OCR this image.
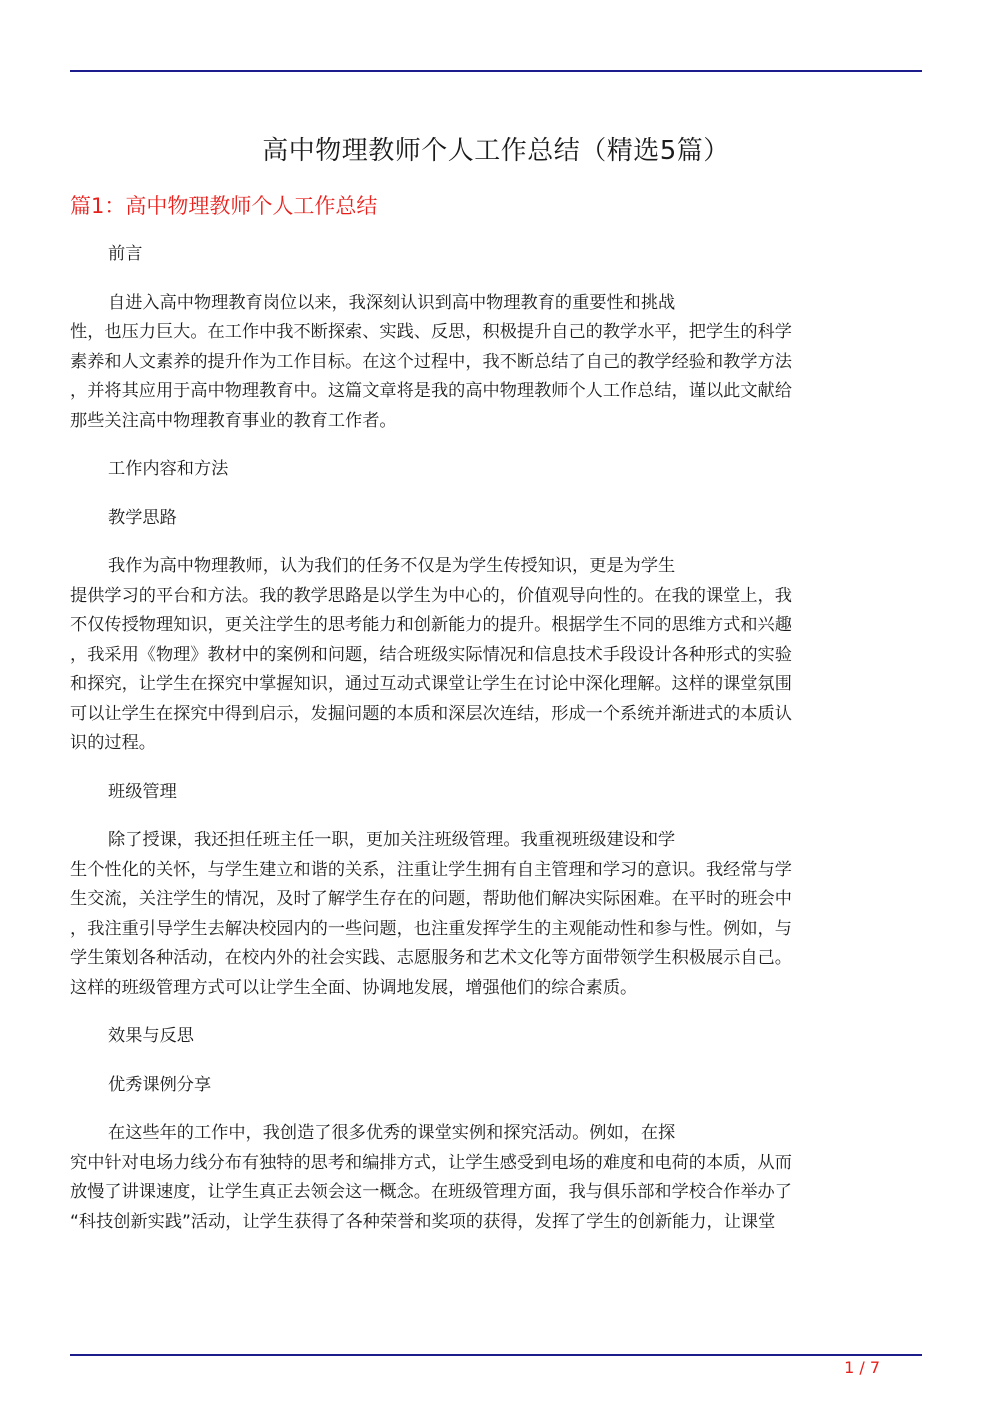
高中物理教师个人工作总结（精选5篇）
篇1：高中物理教师个人工作总结
前言
自进入高中物理教育岗位以来，我深刻认识到高中物理教育的重要性和挑战
性，也压力巨大。在工作中我不断探索、实践、反思，积极提升自己的教学水平，把学生的科学
素养和人文素养的提升作为工作目标。在这个过程中，我不断总结了自己的教学经验和教学方法
，并将其应用于高中物理教育中。这篇文章将是我的高中物理教师个人工作总结，谨以此文献给
那些关注高中物理教育事业的教育工作者。
工作内容和方法
教学思路
我作为高中物理教师，认为我们的任务不仅是为学生传授知识，更是为学生
提供学习的平台和方法。我的教学思路是以学生为中心的，价值观导向性的。在我的课堂上，我
不仅传授物理知识，更关注学生的思考能力和创新能力的提升。根据学生不同的思维方式和兴趣
，我采用《物理》教材中的案例和问题，结合班级实际情况和信息技术手段设计各种形式的实验
和探究，让学生在探究中掌握知识，通过互动式课堂让学生在讨论中深化理解。这样的课堂氛围
可以让学生在探究中得到启示，发掘问题的本质和深层次连结，形成一个系统并渐进式的本质认
识的过程。
班级管理
除了授课，我还担任班主任一职，更加关注班级管理。我重视班级建设和学
生个性化的关怀，与学生建立和谐的关系，注重让学生拥有自主管理和学习的意识。我经常与学
生交流，关注学生的情况，及时了解学生存在的问题，帮助他们解决实际困难。在平时的班会中
，我注重引导学生去解决校园内的一些问题，也注重发挥学生的主观能动性和参与性。例如，与
学生策划各种活动，在校内外的社会实践、志愿服务和艺术文化等方面带领学生积极展示自己。
这样的班级管理方式可以让学生全面、协调地发展，增强他们的综合素质。
效果与反思
优秀课例分享
在这些年的工作中，我创造了很多优秀的课堂实例和探究活动。例如，在探
究中针对电场力线分布有独特的思考和编排方式，让学生感受到电场的难度和电荷的本质，从而
放慢了讲课速度，让学生真正去领会这一概念。在班级管理方面，我与俱乐部和学校合作举办了
“科技创新实践”活动，让学生获得了各种荣誉和奖项的获得，发挥了学生的创新能力，让课堂
1 / 7
